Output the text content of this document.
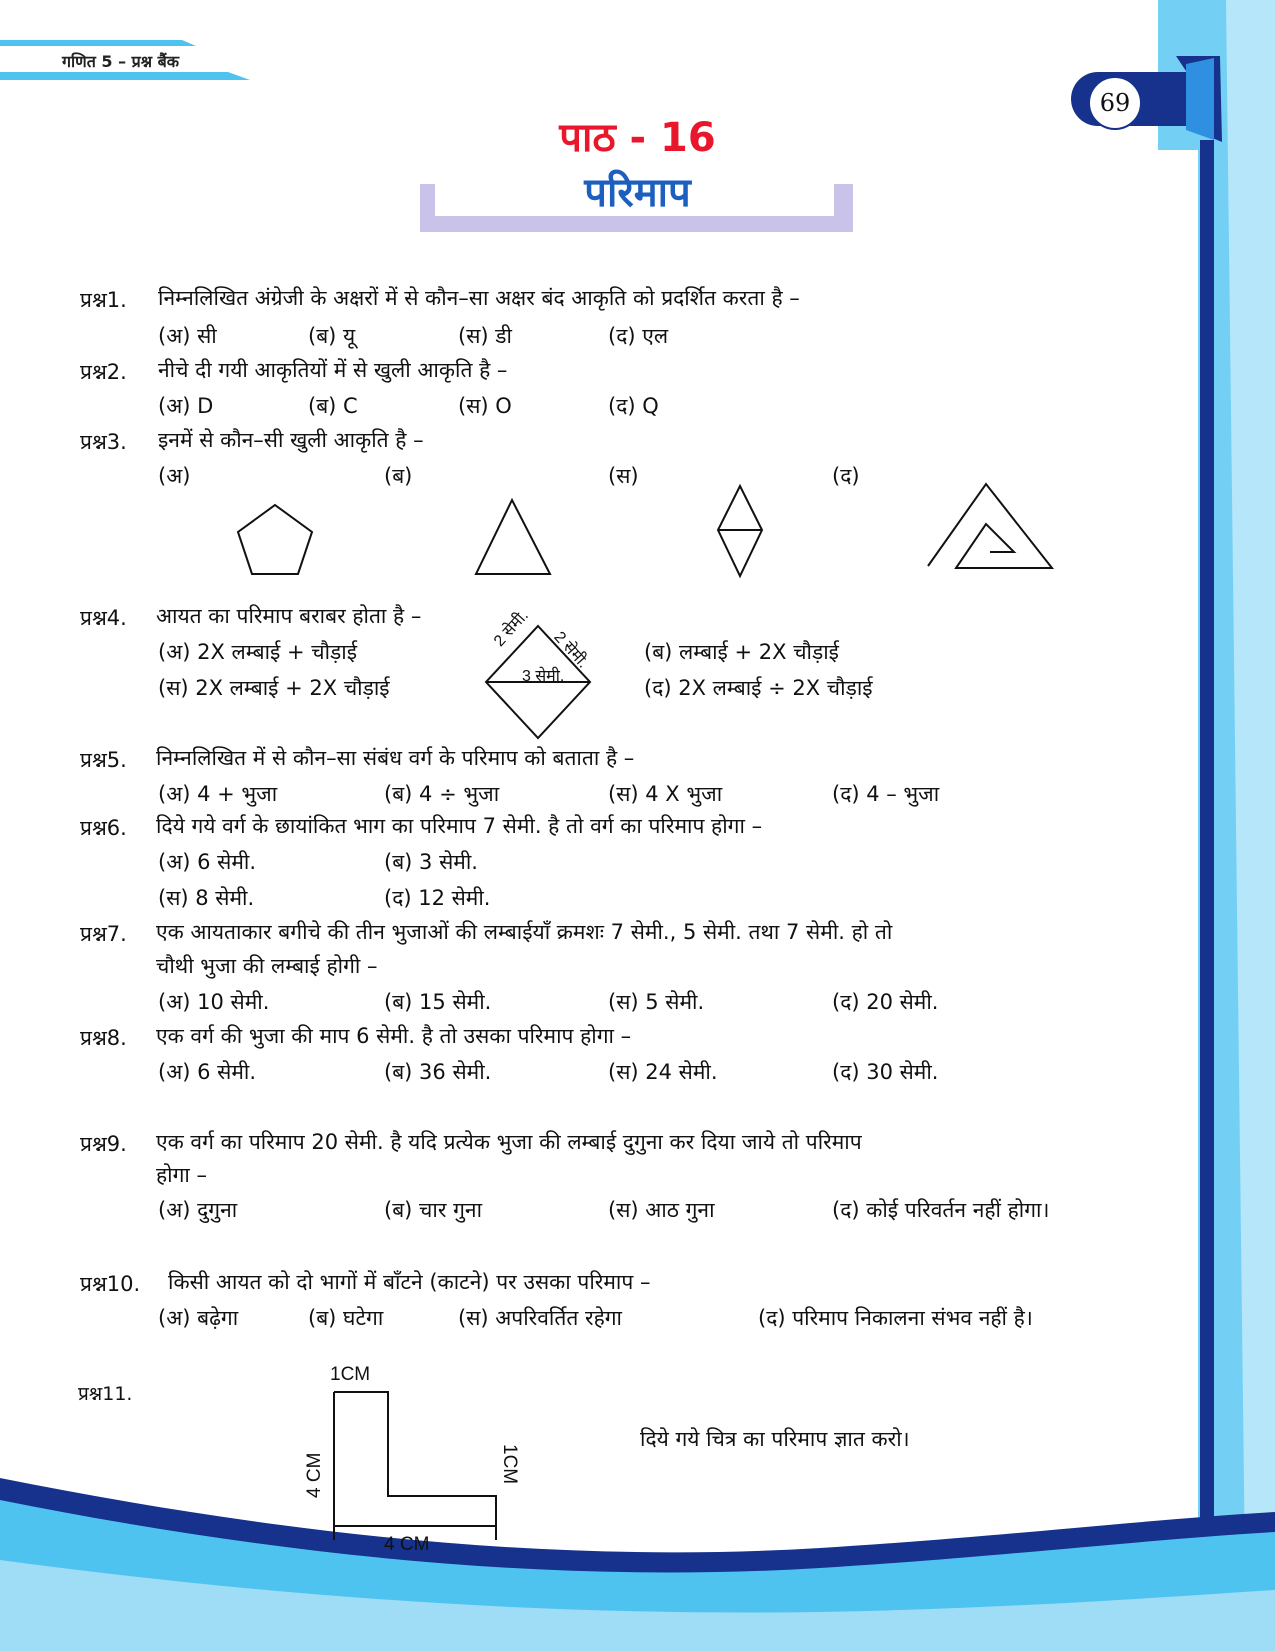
गणित 5 – प्रश्न बैंक
69
पाठ - 16
परिमाप
प्रश्न1. निम्नलिखित अंग्रेजी के अक्षरों में से कौन–सा अक्षर बंद आकृति को प्रदर्शित करता है –
(अ) सी	(ब) यू	(स) डी	(द) एल
प्रश्न2. नीचे दी गयी आकृतियों में से खुली आकृति है –
(अ) D	(ब) C	(स) O	(द) Q
प्रश्न3. इनमें से कौन–सी खुली आकृति है –
(अ)	(ब)	(स)	(द)
प्रश्न4. आयत का परिमाप बराबर होता है –
(अ) 2X लम्बाई + चौड़ाई	(ब) लम्बाई + 2X चौड़ाई
(स) 2X लम्बाई + 2X चौड़ाई	(द) 2X लम्बाई ÷ 2X चौड़ाई
2 सेमी.
2 सेमी.
3 सेमी.
प्रश्न5. निम्नलिखित में से कौन–सा संबंध वर्ग के परिमाप को बताता है –
(अ) 4 + भुजा	(ब) 4 ÷ भुजा	(स) 4 X भुजा	(द) 4 – भुजा
प्रश्न6. दिये गये वर्ग के छायांकित भाग का परिमाप 7 सेमी. है तो वर्ग का परिमाप होगा –
(अ) 6 सेमी.	(ब) 3 सेमी.
(स) 8 सेमी.	(द) 12 सेमी.
प्रश्न7. एक आयताकार बगीचे की तीन भुजाओं की लम्बाईयाँ क्रमशः 7 सेमी., 5 सेमी. तथा 7 सेमी. हो तो
चौथी भुजा की लम्बाई होगी –
(अ) 10 सेमी.	(ब) 15 सेमी.	(स) 5 सेमी.	(द) 20 सेमी.
प्रश्न8. एक वर्ग की भुजा की माप 6 सेमी. है तो उसका परिमाप होगा –
(अ) 6 सेमी.	(ब) 36 सेमी.	(स) 24 सेमी.	(द) 30 सेमी.
प्रश्न9. एक वर्ग का परिमाप 20 सेमी. है यदि प्रत्येक भुजा की लम्बाई दुगुना कर दिया जाये तो परिमाप
होगा –
(अ) दुगुना	(ब) चार गुना	(स) आठ गुना	(द) कोई परिवर्तन नहीं होगा।
प्रश्न10. किसी आयत को दो भागों में बाँटने (काटने) पर उसका परिमाप –
(अ) बढ़ेगा	(ब) घटेगा	(स) अपरिवर्तित रहेगा	(द) परिमाप निकालना संभव नहीं है।
प्रश्न11.
दिये गये चित्र का परिमाप ज्ञात करो।
1CM
4 CM	1CM
4 CM
